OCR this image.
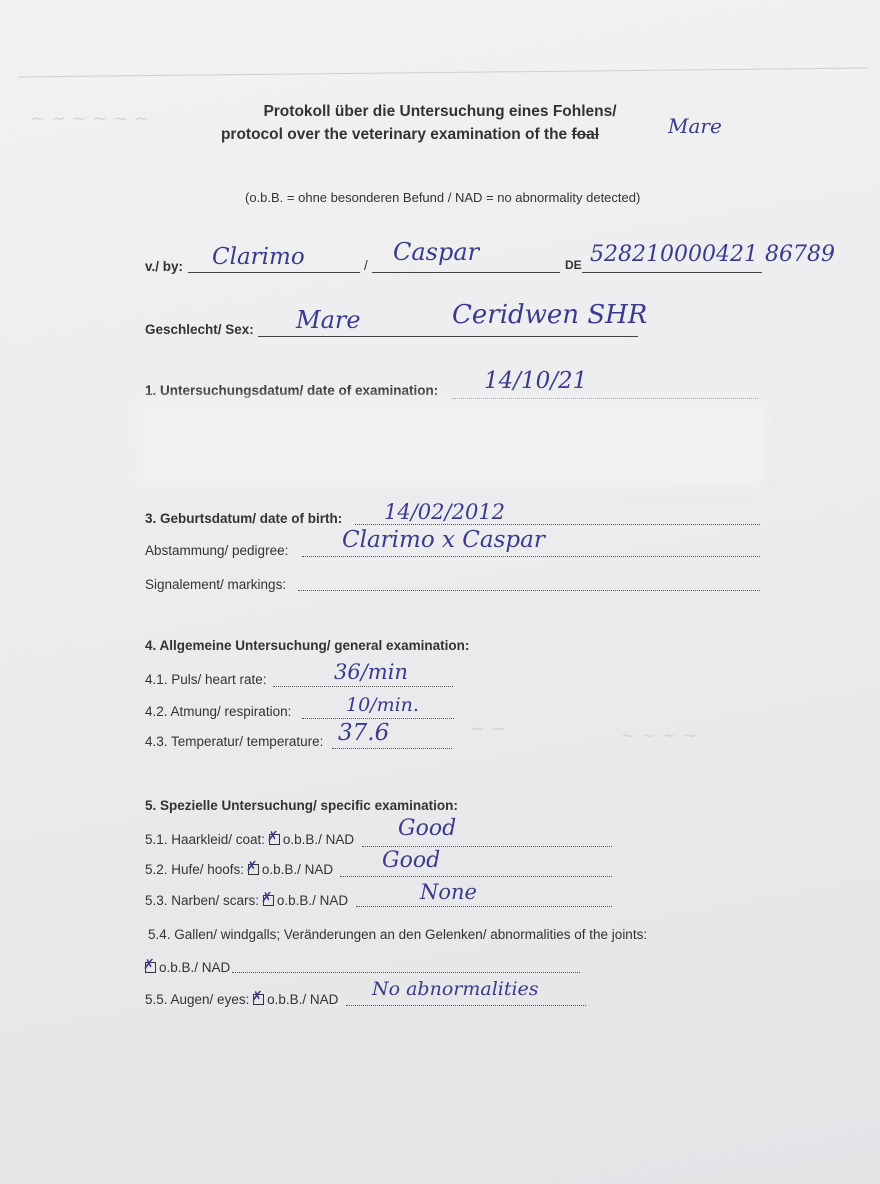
~ ~ ~ ~ ~ ~
~ ~	~ ~ ~ ~
Protokoll über die Untersuchung eines Fohlens/
protocol over the veterinary examination of the foal	Mare
(o.b.B. = ohne besonderen Befund / NAD = no abnormality detected)
v./ by: Clarimo	/ Caspar	DE 528210000421 86789
Geschlecht/ Sex: Mare	Ceridwen SHR
1. Untersuchungsdatum/ date of examination: 14/10/21
3. Geburtsdatum/ date of birth: 14/02/2012
Abstammung/ pedigree: Clarimo x Caspar
Signalement/ markings:
4. Allgemeine Untersuchung/ general examination:
4.1. Puls/ heart rate:	36/min
4.2. Atmung/ respiration:	10/min.
4.3. Temperatur/ temperature: 37.6
5. Spezielle Untersuchung/ specific examination:
5.1. Haarkleid/ coat: ✗ o.b.B./ NAD Good
5.2. Hufe/ hoofs: ✗ o.b.B./ NAD Good
5.3. Narben/ scars: ✗ o.b.B./ NAD	None
5.4. Gallen/ windgalls; Veränderungen an den Gelenken/ abnormalities of the joints:
✗o.b.B./ NAD
5.5. Augen/ eyes: ✗ o.b.B./ NAD No abnormalities
